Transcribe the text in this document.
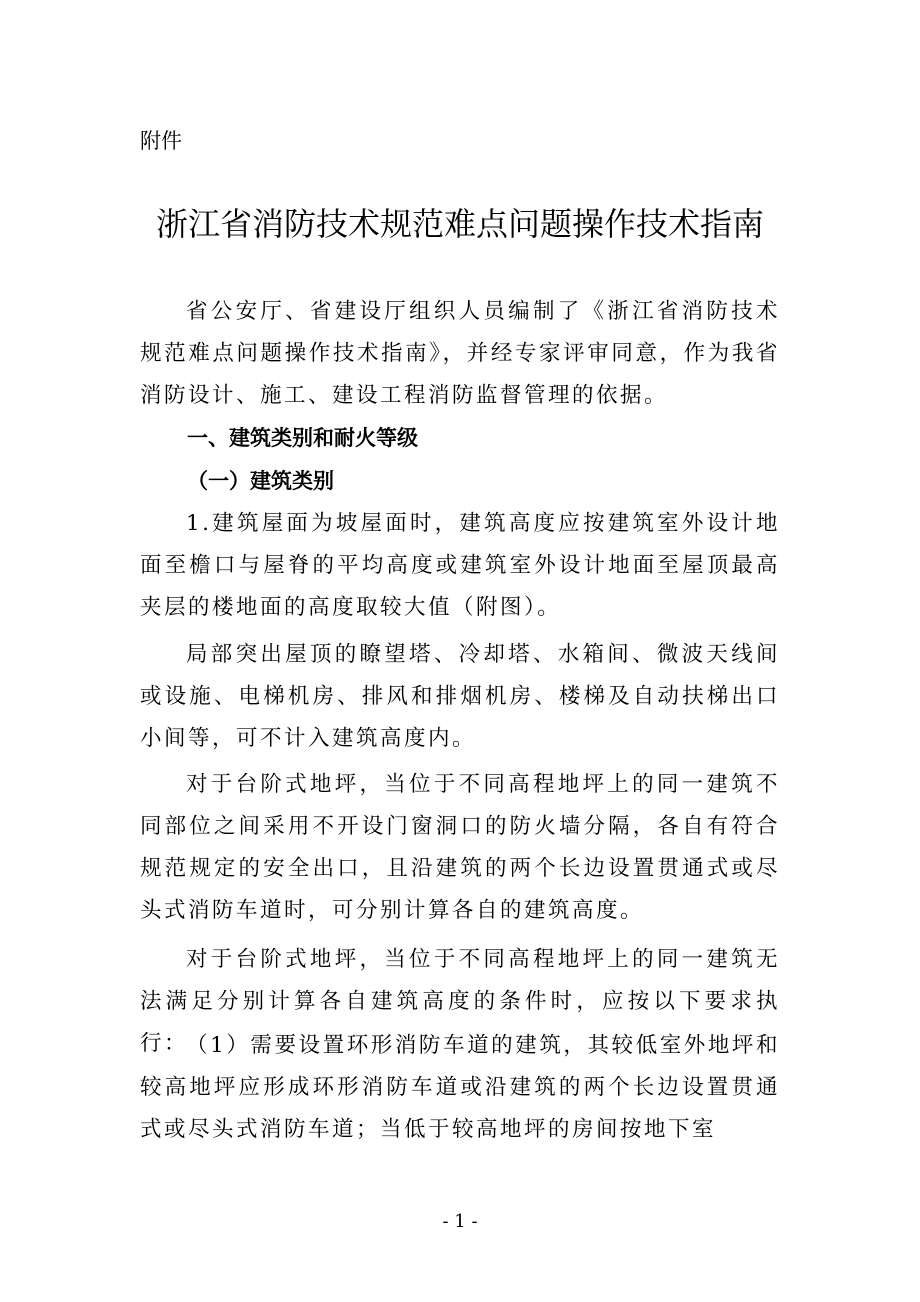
附件
浙江省消防技术规范难点问题操作技术指南

省公安厅、省建设厅组织人员编制了《浙江省消防技术规范难点问题操作技术指南》，并经专家评审同意，作为我省消防设计、施工、建设工程消防监督管理的依据。

一、建筑类别和耐火等级
（一）建筑类别

1.建筑屋面为坡屋面时，建筑高度应按建筑室外设计地面至檐口与屋脊的平均高度或建筑室外设计地面至屋顶最高夹层的楼地面的高度取较大值（附图）。

局部突出屋顶的瞭望塔、冷却塔、水箱间、微波天线间或设施、电梯机房、排风和排烟机房、楼梯及自动扶梯出口小间等，可不计入建筑高度内。

对于台阶式地坪，当位于不同高程地坪上的同一建筑不同部位之间采用不开设门窗洞口的防火墙分隔，各自有符合规范规定的安全出口，且沿建筑的两个长边设置贯通式或尽头式消防车道时，可分别计算各自的建筑高度。

对于台阶式地坪，当位于不同高程地坪上的同一建筑无法满足分别计算各自建筑高度的条件时，应按以下要求执行：

（1）需要设置环形消防车道的建筑，其较低室外地坪和较高地坪应形成环形消防车道或沿建筑的两个长边设置贯通式或尽头式消防车道；当低于较高地坪的房间按地下室

- 1 -
